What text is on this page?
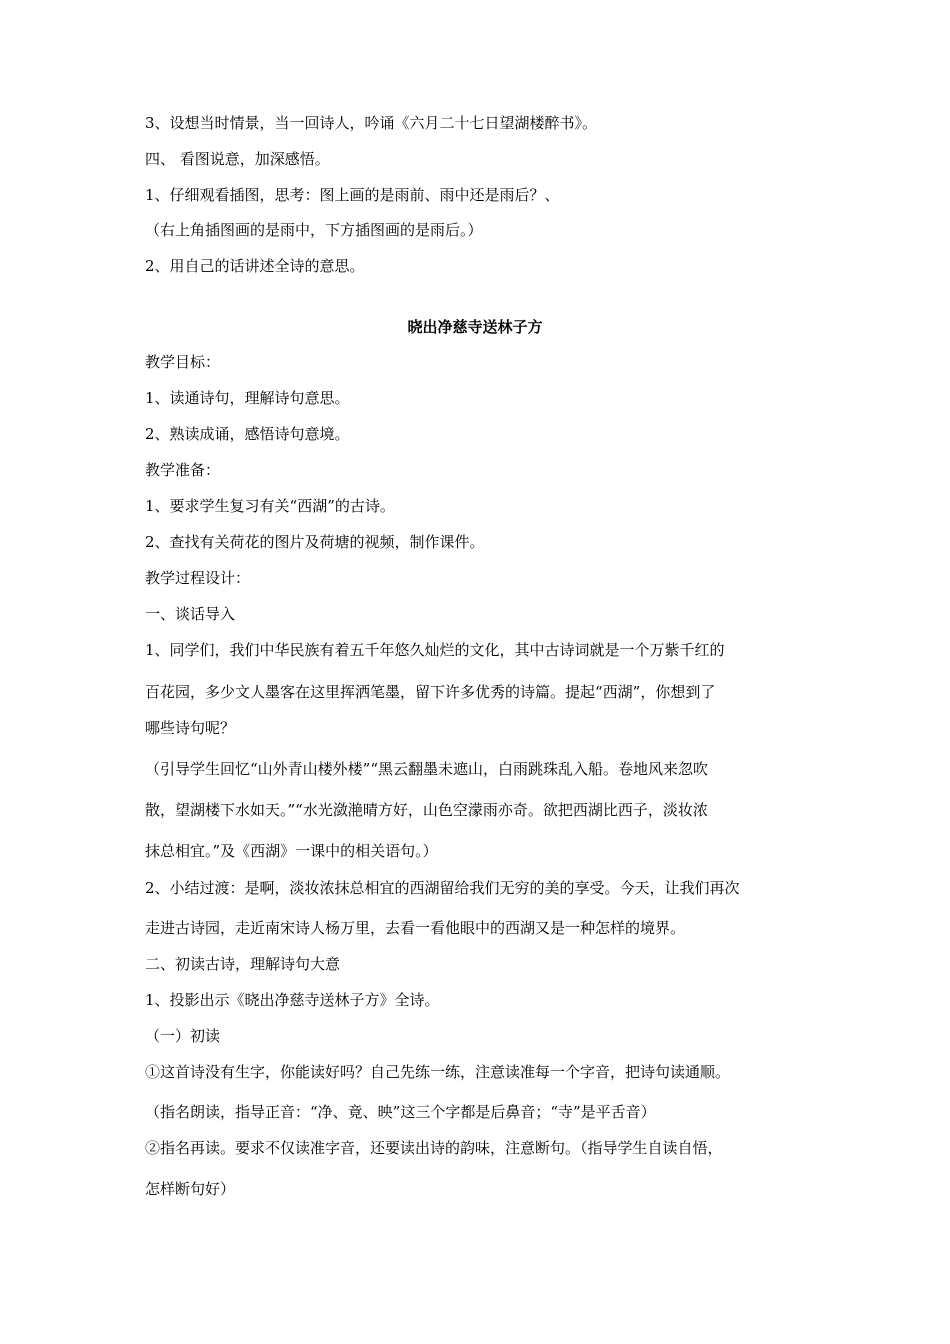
3、设想当时情景，当一回诗人，吟诵《六月二十七日望湖楼醉书》。
四、 看图说意，加深感悟。
1、仔细观看插图，思考：图上画的是雨前、雨中还是雨后？、
（右上角插图画的是雨中，下方插图画的是雨后。）
2、用自己的话讲述全诗的意思。
晓出净慈寺送林子方
教学目标：
1、读通诗句，理解诗句意思。
2、熟读成诵，感悟诗句意境。
教学准备：
1、要求学生复习有关“西湖”的古诗。
2、查找有关荷花的图片及荷塘的视频，制作课件。
教学过程设计：
一、谈话导入
1、同学们，我们中华民族有着五千年悠久灿烂的文化，其中古诗词就是一个万紫千红的
百花园，多少文人墨客在这里挥洒笔墨，留下许多优秀的诗篇。提起“西湖”，你想到了
哪些诗句呢？
（引导学生回忆“山外青山楼外楼”“黑云翻墨未遮山，白雨跳珠乱入船。卷地风来忽吹
散，望湖楼下水如天。”“水光潋滟晴方好，山色空濛雨亦奇。欲把西湖比西子，淡妆浓
抹总相宜。”及《西湖》一课中的相关语句。）
2、小结过渡：是啊，淡妆浓抹总相宜的西湖留给我们无穷的美的享受。今天，让我们再次
走进古诗园，走近南宋诗人杨万里，去看一看他眼中的西湖又是一种怎样的境界。
二、初读古诗，理解诗句大意
1、投影出示《晓出净慈寺送林子方》全诗。
（一）初读
①这首诗没有生字，你能读好吗？自己先练一练，注意读准每一个字音，把诗句读通顺。
（指名朗读，指导正音：“净、竟、映”这三个字都是后鼻音；“寺”是平舌音）
②指名再读。要求不仅读准字音，还要读出诗的韵味，注意断句。（指导学生自读自悟，
怎样断句好）
